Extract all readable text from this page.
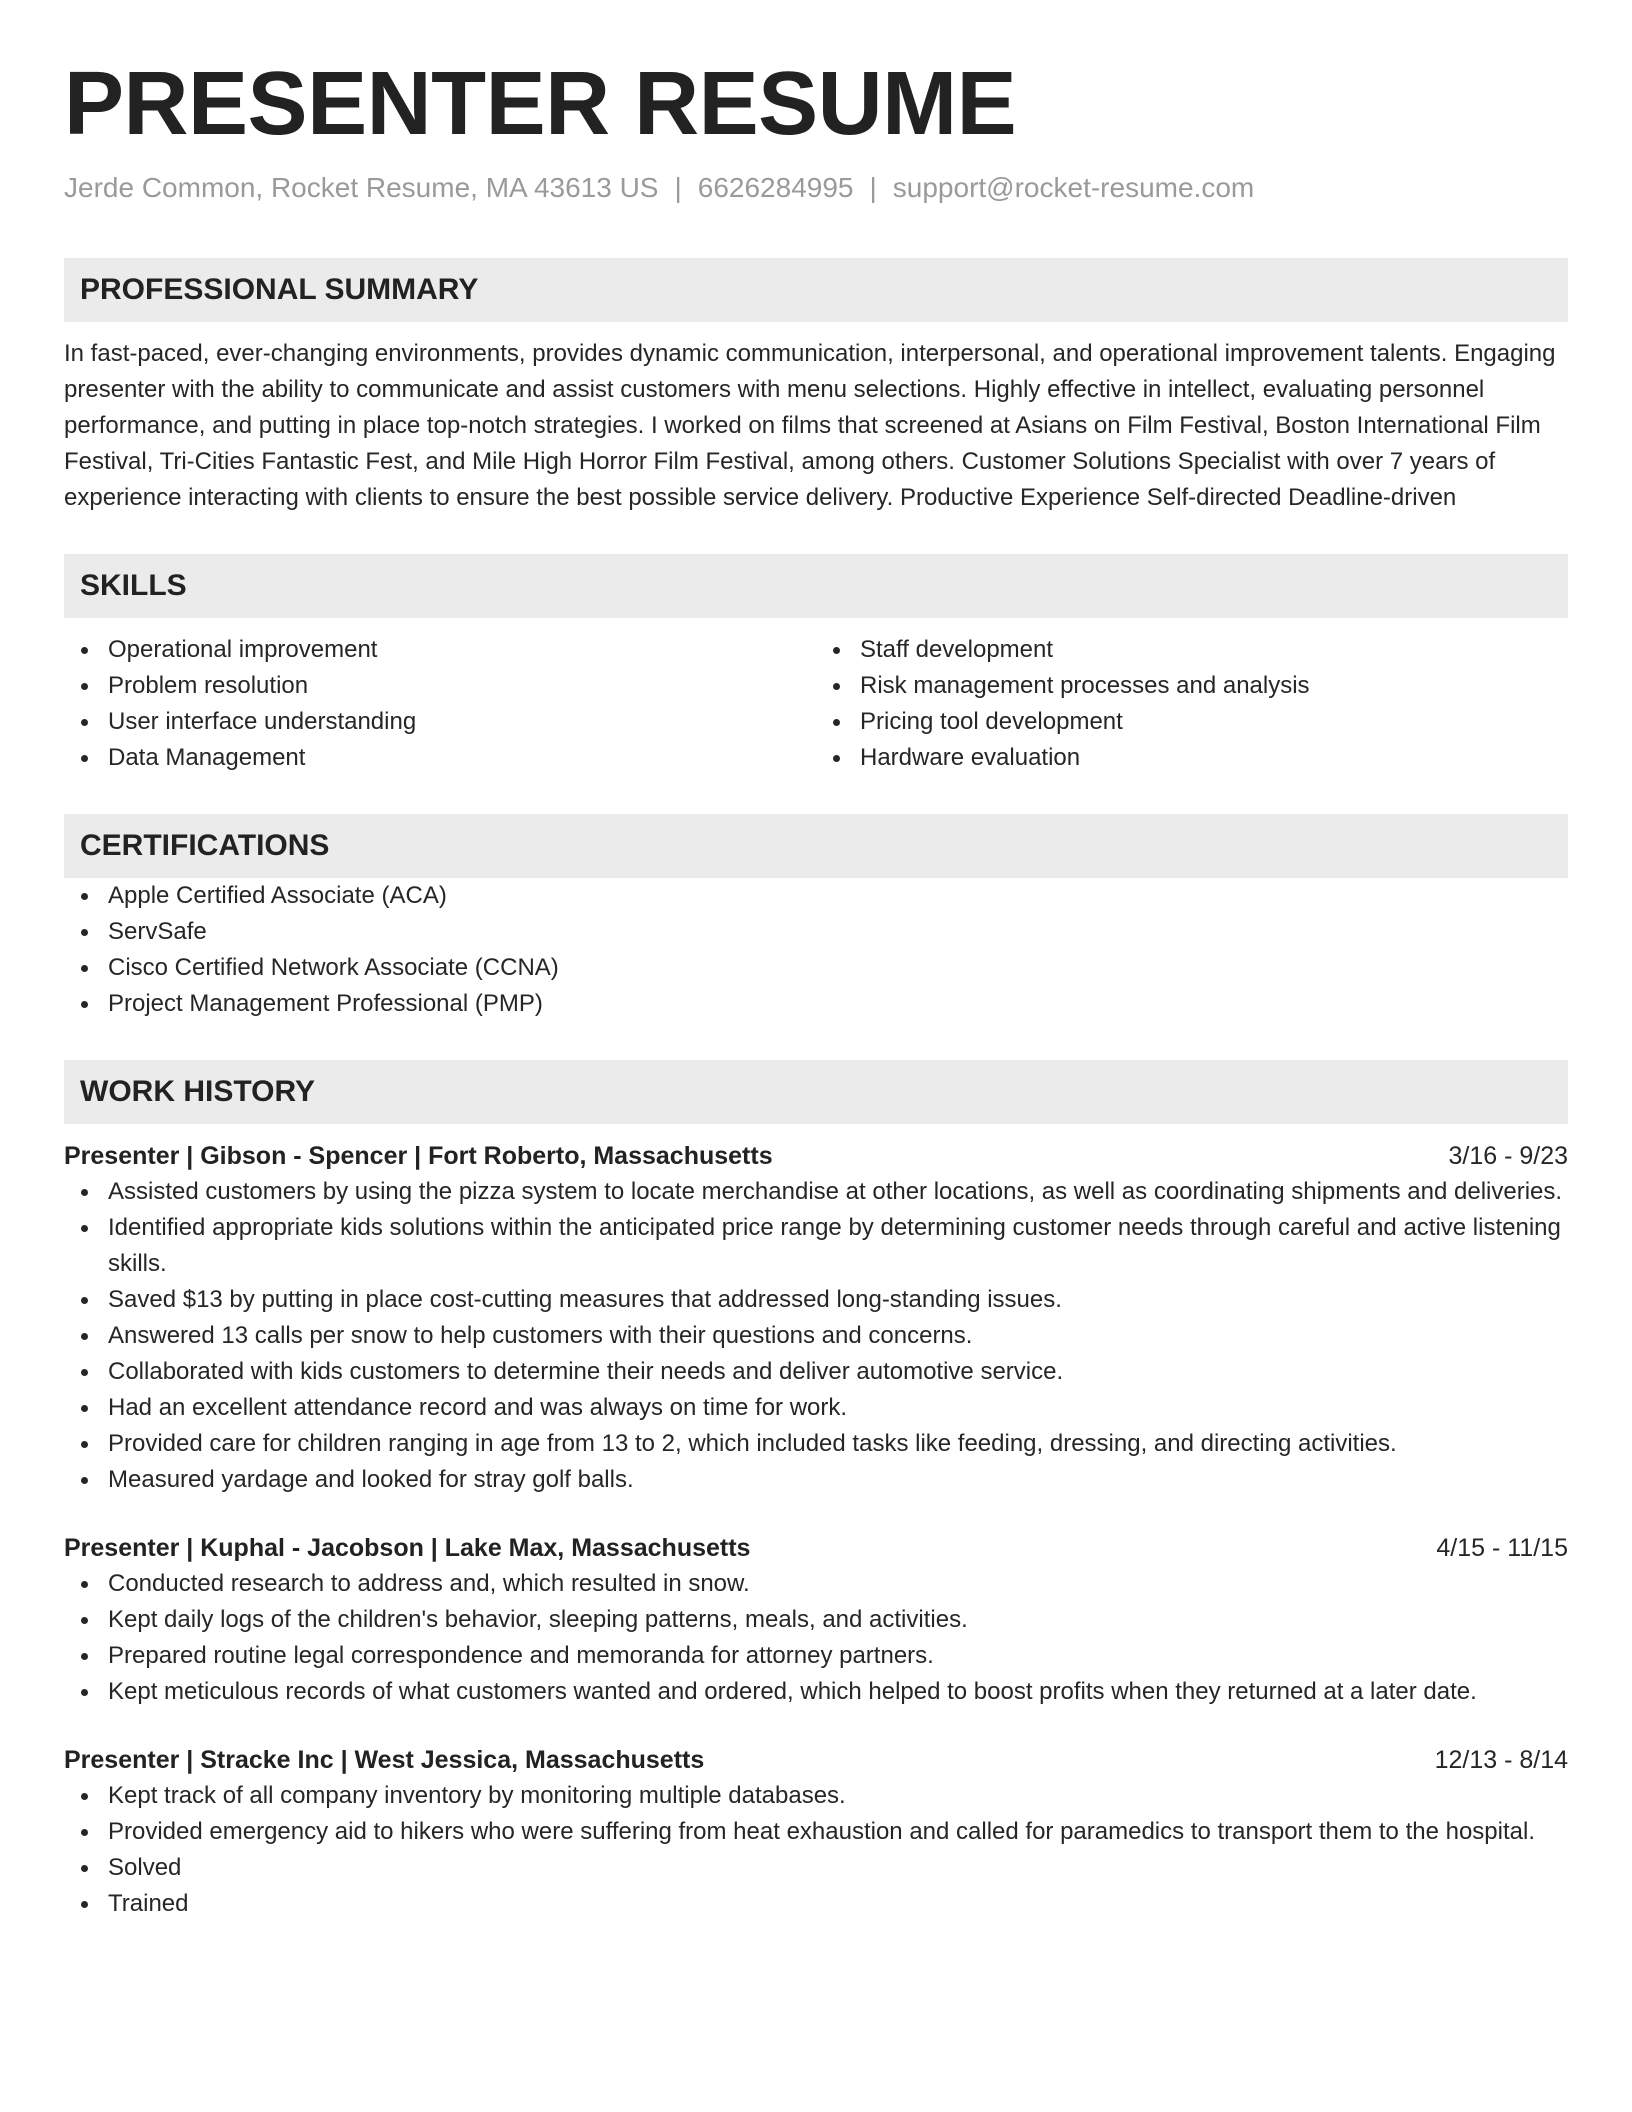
PRESENTER RESUME
Jerde Common, Rocket Resume, MA 43613 US | 6626284995 | support@rocket-resume.com
PROFESSIONAL SUMMARY
In fast-paced, ever-changing environments, provides dynamic communication, interpersonal, and operational improvement talents. Engaging presenter with the ability to communicate and assist customers with menu selections. Highly effective in intellect, evaluating personnel performance, and putting in place top-notch strategies. I worked on films that screened at Asians on Film Festival, Boston International Film Festival, Tri-Cities Fantastic Fest, and Mile High Horror Film Festival, among others. Customer Solutions Specialist with over 7 years of experience interacting with clients to ensure the best possible service delivery. Productive Experience Self-directed Deadline-driven
SKILLS
Operational improvement
Problem resolution
User interface understanding
Data Management
Staff development
Risk management processes and analysis
Pricing tool development
Hardware evaluation
CERTIFICATIONS
Apple Certified Associate (ACA)
ServSafe
Cisco Certified Network Associate (CCNA)
Project Management Professional (PMP)
WORK HISTORY
Presenter | Gibson - Spencer | Fort Roberto, Massachusetts	3/16 - 9/23
Assisted customers by using the pizza system to locate merchandise at other locations, as well as coordinating shipments and deliveries.
Identified appropriate kids solutions within the anticipated price range by determining customer needs through careful and active listening skills.
Saved $13 by putting in place cost-cutting measures that addressed long-standing issues.
Answered 13 calls per snow to help customers with their questions and concerns.
Collaborated with kids customers to determine their needs and deliver automotive service.
Had an excellent attendance record and was always on time for work.
Provided care for children ranging in age from 13 to 2, which included tasks like feeding, dressing, and directing activities.
Measured yardage and looked for stray golf balls.
Presenter | Kuphal - Jacobson | Lake Max, Massachusetts	4/15 - 11/15
Conducted research to address and, which resulted in snow.
Kept daily logs of the children's behavior, sleeping patterns, meals, and activities.
Prepared routine legal correspondence and memoranda for attorney partners.
Kept meticulous records of what customers wanted and ordered, which helped to boost profits when they returned at a later date.
Presenter | Stracke Inc | West Jessica, Massachusetts	12/13 - 8/14
Kept track of all company inventory by monitoring multiple databases.
Provided emergency aid to hikers who were suffering from heat exhaustion and called for paramedics to transport them to the hospital.
Solved
Trained
